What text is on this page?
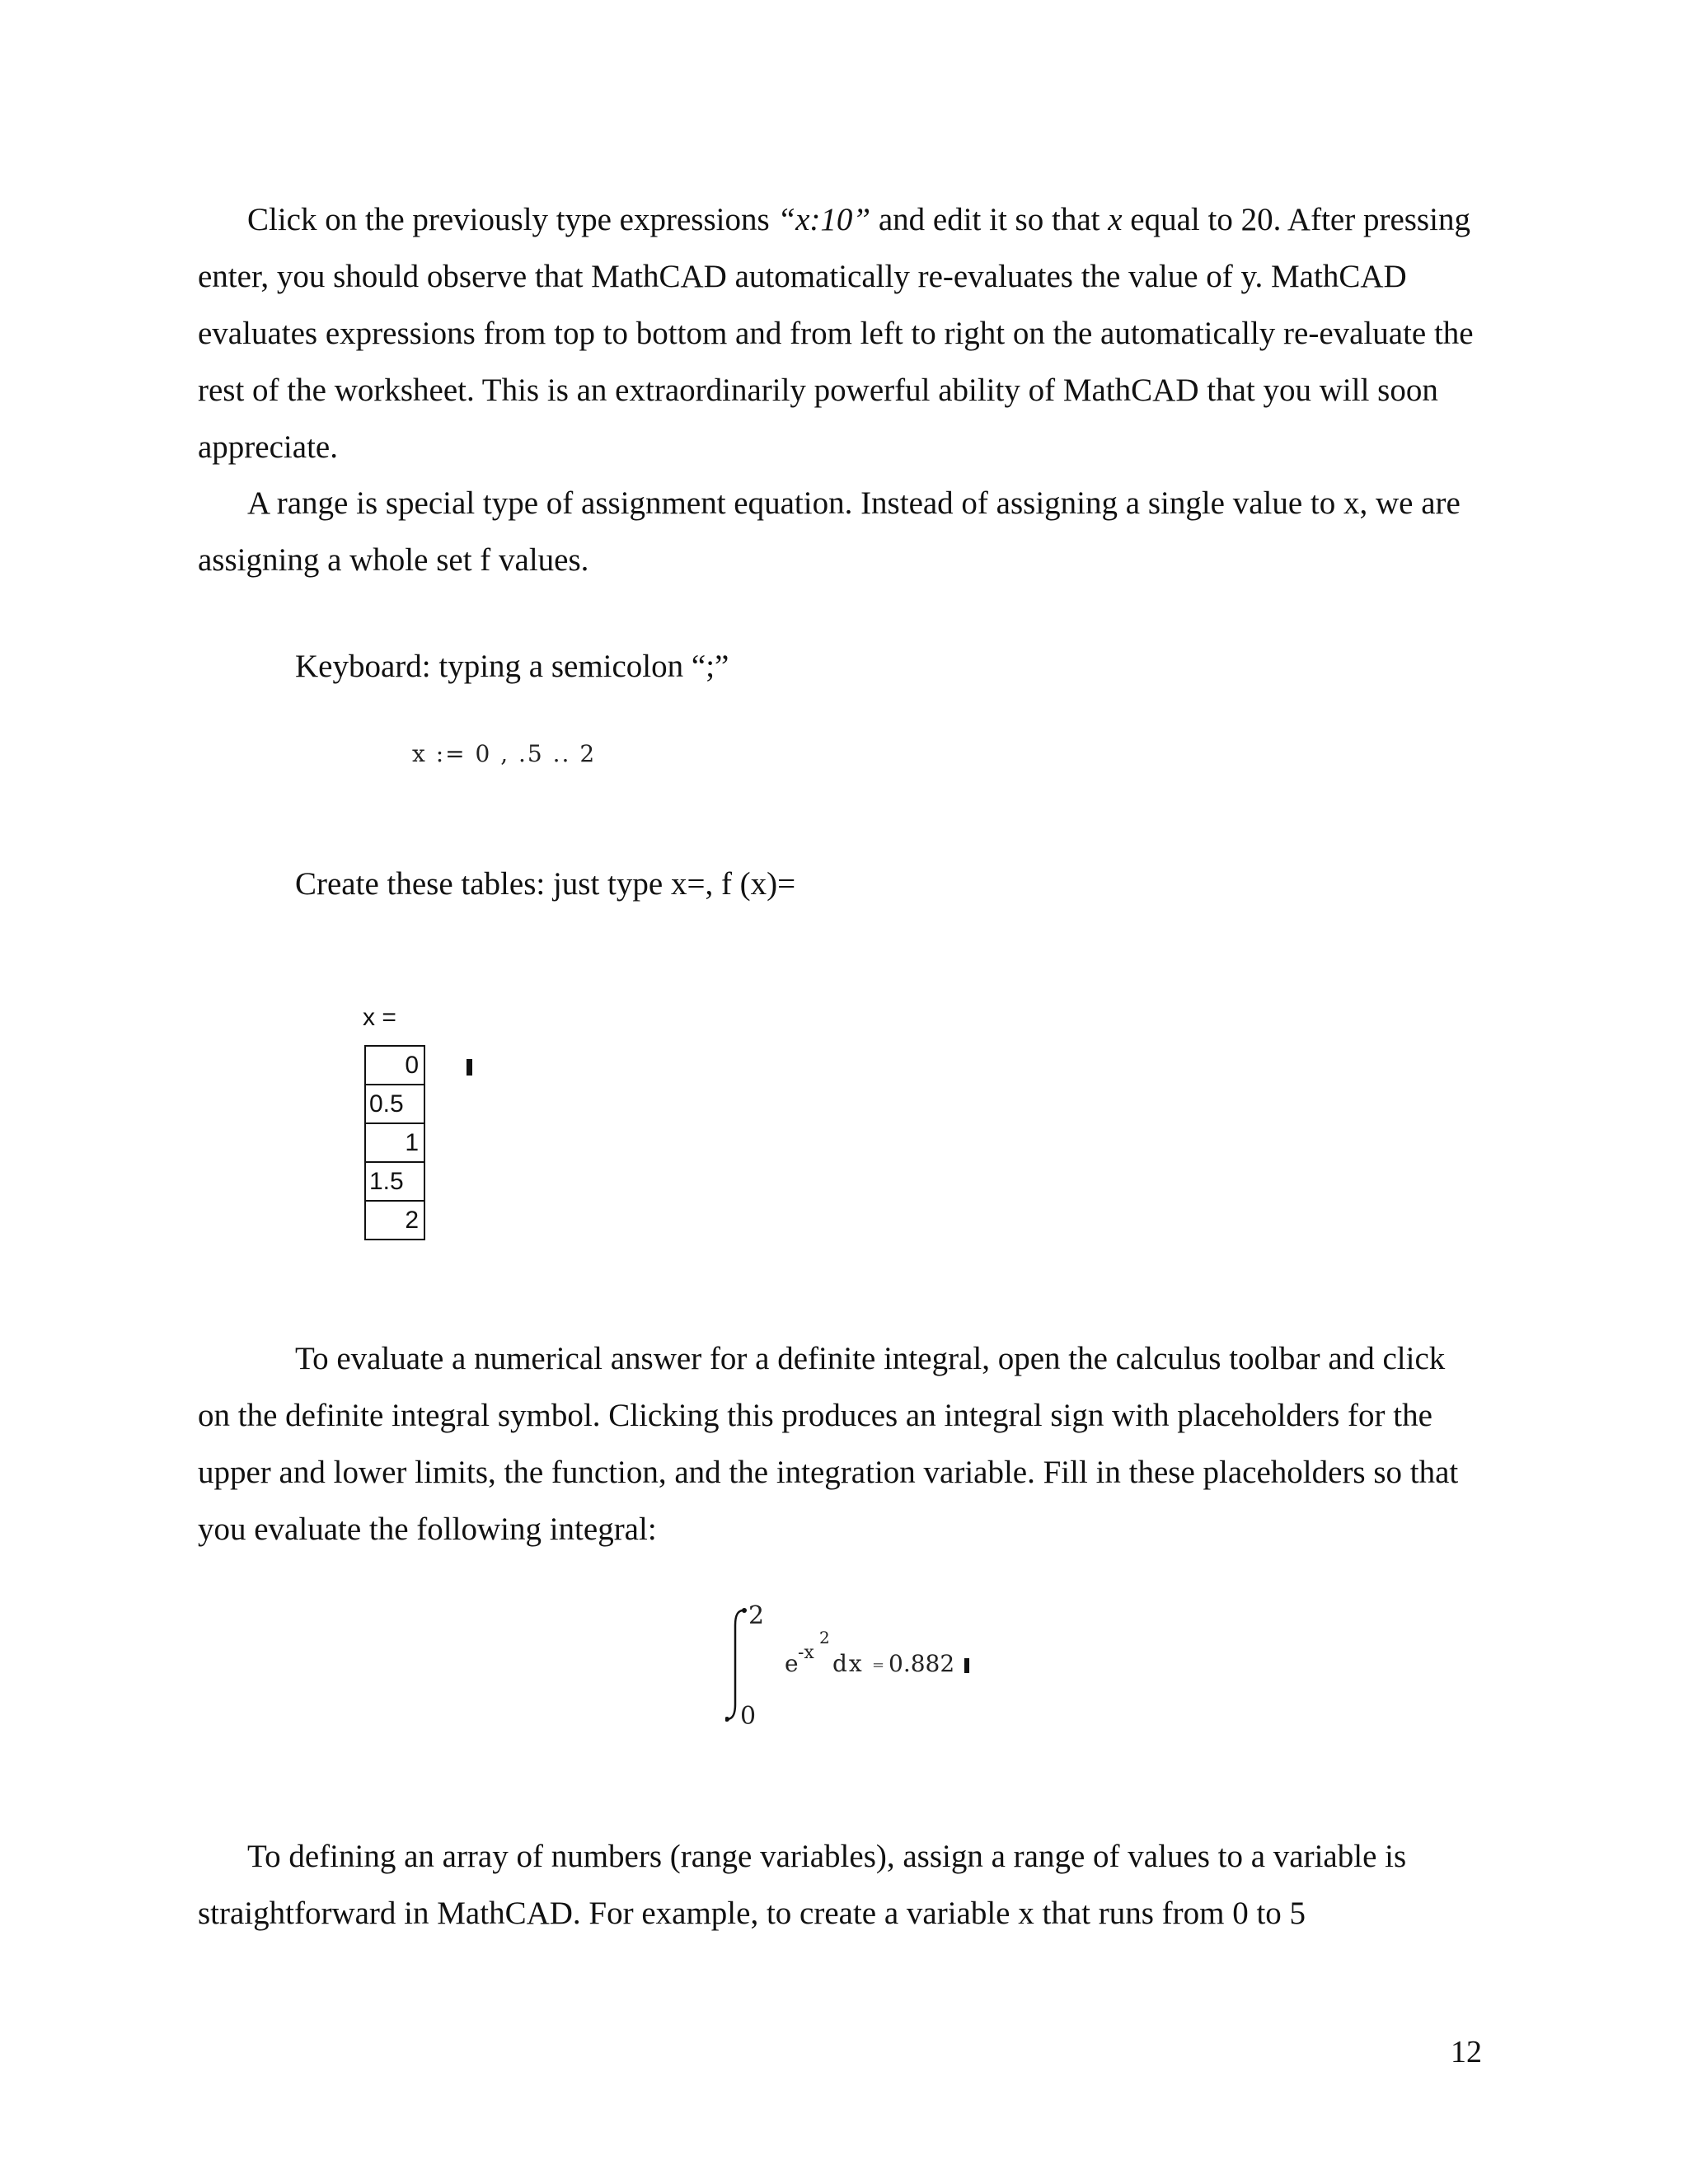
Click on the previously type expressions “x:10” and edit it so that x equal to 20. After pressing enter, you should observe that MathCAD automatically re-evaluates the value of y. MathCAD evaluates expressions from top to bottom and from left to right on the automatically re-evaluate the rest of the worksheet. This is an extraordinarily powerful ability of MathCAD that you will soon appreciate.

A range is special type of assignment equation. Instead of assigning a single value to x, we are assigning a whole set f values.

Keyboard: typing a semicolon “;”

x := 0 , .5 .. 2

Create these tables: just type x=, f (x)=

x =
0
0.5
1
1.5
2

To evaluate a numerical answer for a definite integral, open the calculus toolbar and click on the definite integral symbol. Clicking this produces an integral sign with placeholders for the upper and lower limits, the function, and the integration variable. Fill in these placeholders so that you evaluate the following integral:

2
0
e -x
2
dx = 0.882

To defining an array of numbers (range variables), assign a range of values to a variable is straightforward in MathCAD. For example, to create a variable x that runs from 0 to 5

12
